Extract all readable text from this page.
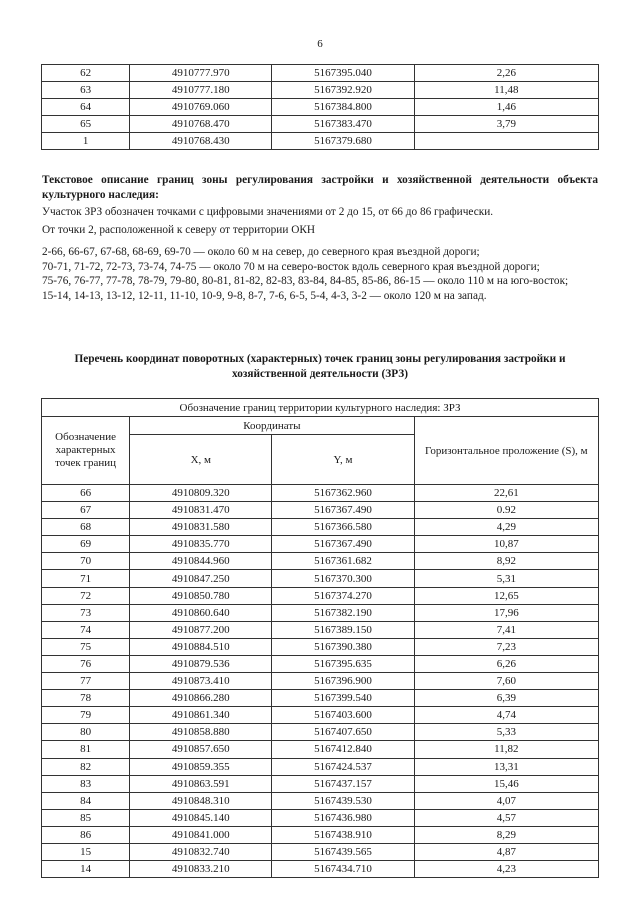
6
62	4910777.970	5167395.040	2,26
63	4910777.180	5167392.920	11,48
64	4910769.060	5167384.800	1,46
65	4910768.470	5167383.470	3,79
1	4910768.430	5167379.680	

Текстовое описание границ зоны регулирования застройки и хозяйственной деятельности объекта культурного наследия:

Участок ЗРЗ обозначен точками с цифровыми значениями от 2 до 15, от 66 до 86 графически.

От точки 2, расположенной к северу от территории ОКН

2-66, 66-67, 67-68, 68-69, 69-70 — около 60 м на север, до северного края въездной дороги;

70-71, 71-72, 72-73, 73-74, 74-75 — около 70 м на северо-восток вдоль северного края въездной дороги;

75-76, 76-77, 77-78, 78-79, 79-80, 80-81, 81-82, 82-83, 83-84, 84-85, 85-86, 86-15 — около 110 м на юго-восток;

15-14, 14-13, 13-12, 12-11, 11-10, 10-9, 9-8, 8-7, 7-6, 6-5, 5-4, 4-3, 3-2 — около 120 м на запад.

Перечень координат поворотных (характерных) точек границ зоны регулирования застройки и хозяйственной деятельности (ЗРЗ)
Обозначение границ территории культурного наследия: ЗРЗ			
Обозначение характерных точек границ	Координаты		Горизонтальное проложение (S), м
	X, м	Y, м	
66	4910809.320	5167362.960	22,61
67	4910831.470	5167367.490	0.92
68	4910831.580	5167366.580	4,29
69	4910835.770	5167367.490	10,87
70	4910844.960	5167361.682	8,92
71	4910847.250	5167370.300	5,31
72	4910850.780	5167374.270	12,65
73	4910860.640	5167382.190	17,96
74	4910877.200	5167389.150	7,41
75	4910884.510	5167390.380	7,23
76	4910879.536	5167395.635	6,26
77	4910873.410	5167396.900	7,60
78	4910866.280	5167399.540	6,39
79	4910861.340	5167403.600	4,74
80	4910858.880	5167407.650	5,33
81	4910857.650	5167412.840	11,82
82	4910859.355	5167424.537	13,31
83	4910863.591	5167437.157	15,46
84	4910848.310	5167439.530	4,07
85	4910845.140	5167436.980	4,57
86	4910841.000	5167438.910	8,29
15	4910832.740	5167439.565	4,87
14	4910833.210	5167434.710	4,23
